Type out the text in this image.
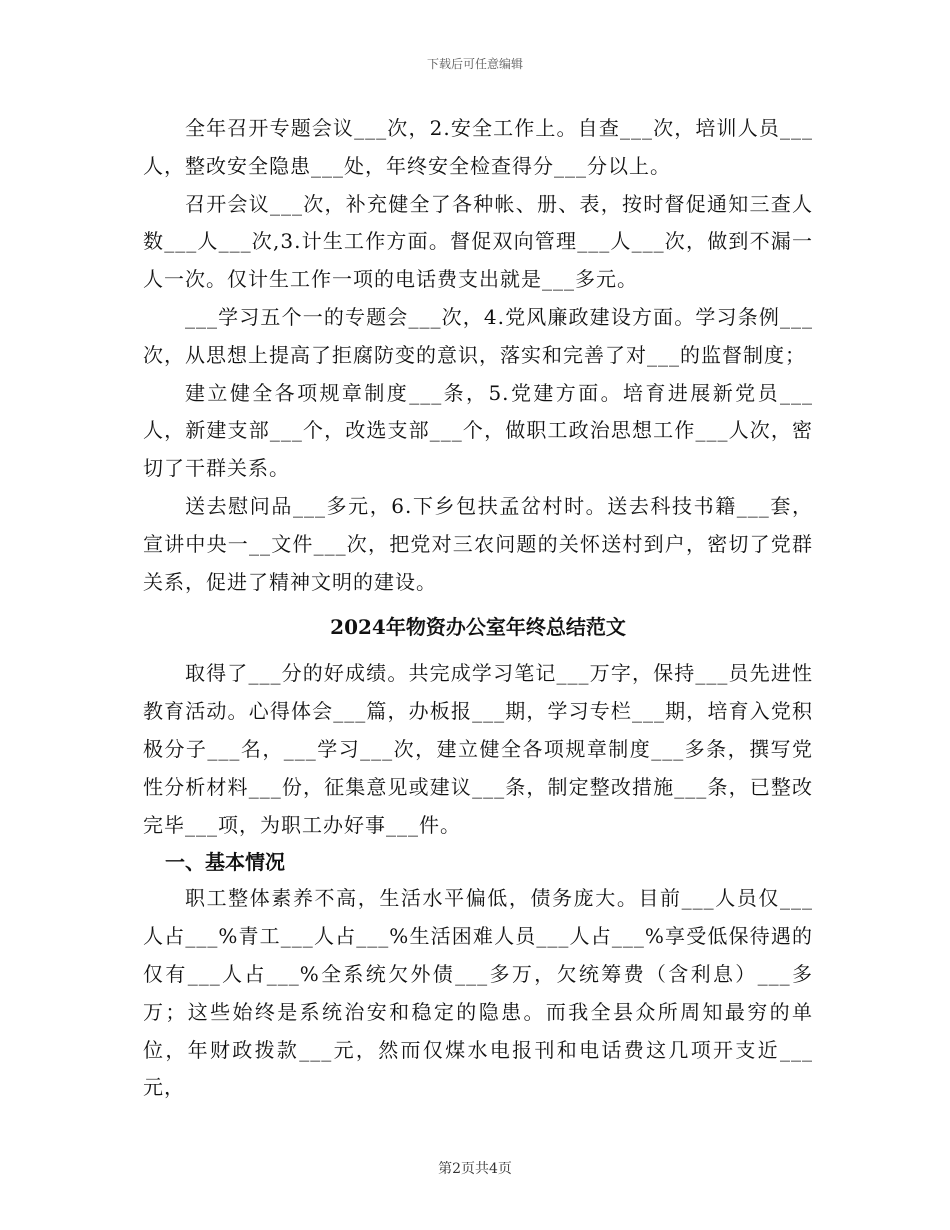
下载后可任意编辑

全年召开专题会议___次，2.安全工作上。自查___次，培训人员___人，整改安全隐患___处，年终安全检查得分___分以上。

召开会议___次，补充健全了各种帐、册、表，按时督促通知三查人数___人___次,3.计生工作方面。督促双向管理___人___次，做到不漏一人一次。仅计生工作一项的电话费支出就是___多元。

___学习五个一的专题会___次，4.党风廉政建设方面。学习条例___次，从思想上提高了拒腐防变的意识，落实和完善了对___的监督制度；

建立健全各项规章制度___条，5.党建方面。培育进展新党员___人，新建支部___个，改选支部___个，做职工政治思想工作___人次，密切了干群关系。

送去慰问品___多元，6.下乡包扶孟岔村时。送去科技书籍___套，宣讲中央一__文件___次，把党对三农问题的关怀送村到户，密切了党群关系，促进了精神文明的建设。

2024年物资办公室年终总结范文

取得了___分的好成绩。共完成学习笔记___万字，保持___员先进性教育活动。心得体会___篇，办板报___期，学习专栏___期，培育入党积极分子___名，___学习___次，建立健全各项规章制度___多条，撰写党性分析材料___份，征集意见或建议___条，制定整改措施___条，已整改完毕___项，为职工办好事___件。

一、基本情况

职工整体素养不高，生活水平偏低，债务庞大。目前___人员仅___人占___%青工___人占___%生活困难人员___人占___%享受低保待遇的仅有___人占___%全系统欠外债___多万，欠统筹费（含利息）___多万；这些始终是系统治安和稳定的隐患。而我全县众所周知最穷的单位，年财政拨款___元，然而仅煤水电报刊和电话费这几项开支近___元，

第2页共4页
